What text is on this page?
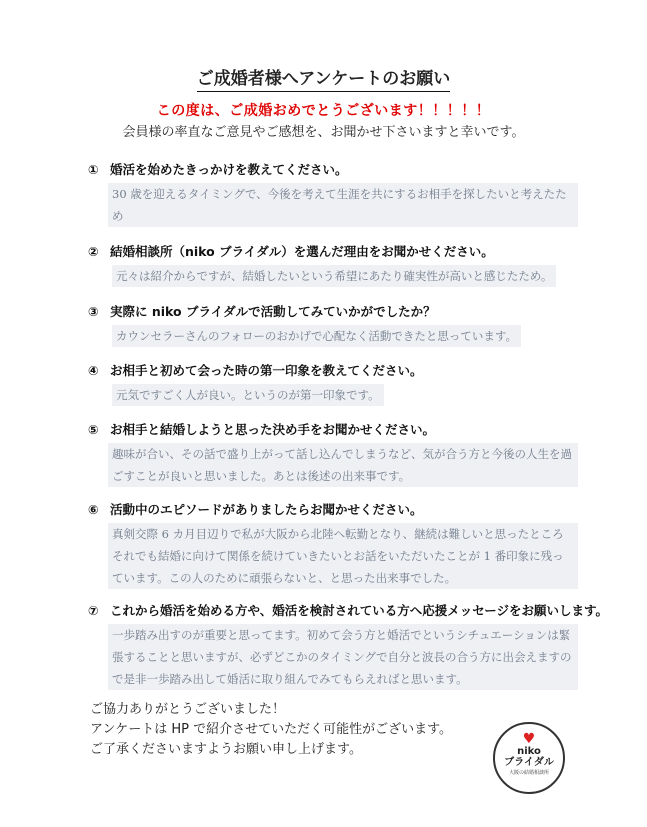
ご成婚者様へアンケートのお願い
この度は、ご成婚おめでとうございます！！！！！
会員様の率直なご意見やご感想を、お聞かせ下さいますと幸いです。
① 婚活を始めたきっかけを教えてください。
30 歳を迎えるタイミングで、今後を考えて生涯を共にするお相手を探したいと考えたため
② 結婚相談所（niko ブライダル）を選んだ理由をお聞かせください。
元々は紹介からですが、結婚したいという希望にあたり確実性が高いと感じたため。
③ 実際に niko ブライダルで活動してみていかがでしたか？
カウンセラーさんのフォローのおかげで心配なく活動できたと思っています。
④ お相手と初めて会った時の第一印象を教えてください。
元気ですごく人が良い。というのが第一印象です。
⑤ お相手と結婚しようと思った決め手をお聞かせください。
趣味が合い、その話で盛り上がって話し込んでしまうなど、気が合う方と今後の人生を過ごすことが良いと思いました。あとは後述の出来事です。
⑥ 活動中のエピソードがありましたらお聞かせください。
真剣交際 6 カ月目辺りで私が大阪から北陸へ転勤となり、継続は難しいと思ったところそれでも結婚に向けて関係を続けていきたいとお話をいただいたことが 1 番印象に残っています。この人のために頑張らないと、と思った出来事でした。
⑦ これから婚活を始める方や、婚活を検討されている方へ応援メッセージをお願いします。
一歩踏み出すのが重要と思ってます。初めて会う方と婚活でというシチュエーションは緊張することと思いますが、必ずどこかのタイミングで自分と波長の合う方に出会えますので是非一歩踏み出して婚活に取り組んでみてもらえればと思います。
ご協力ありがとうございました！
アンケートは HP で紹介させていただく可能性がございます。
ご了承くださいますようお願い申し上げます。
♥
niko
ブライダル
大阪の結婚相談所
